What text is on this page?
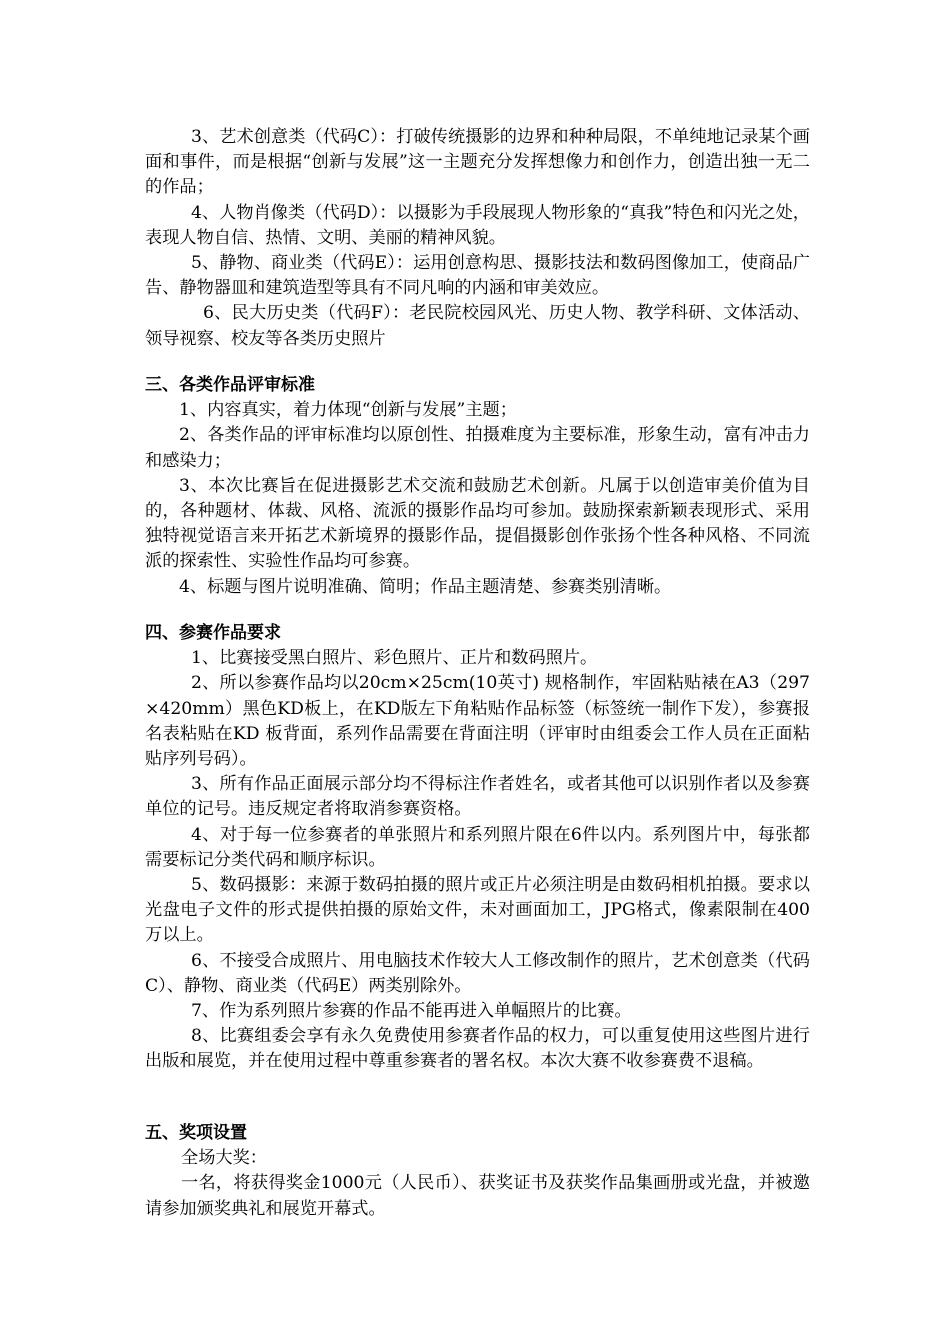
3、艺术创意类（代码C）：打破传统摄影的边界和种种局限，不单纯地记录某个画面和事件，而是根据“创新与发展”这一主题充分发挥想像力和创作力，创造出独一无二的作品；

4、人物肖像类（代码D）：以摄影为手段展现人物形象的“真我”特色和闪光之处，表现人物自信、热情、文明、美丽的精神风貌。

5、静物、商业类（代码E）：运用创意构思、摄影技法和数码图像加工，使商品广告、静物器皿和建筑造型等具有不同凡响的内涵和审美效应。

6、民大历史类（代码F）：老民院校园风光、历史人物、教学科研、文体活动、领导视察、校友等各类历史照片

三、各类作品评审标准

1、内容真实，着力体现“创新与发展”主题；

2、各类作品的评审标准均以原创性、拍摄难度为主要标准，形象生动，富有冲击力和感染力；

3、本次比赛旨在促进摄影艺术交流和鼓励艺术创新。凡属于以创造审美价值为目的，各种题材、体裁、风格、流派的摄影作品均可参加。鼓励探索新颖表现形式、采用独特视觉语言来开拓艺术新境界的摄影作品，提倡摄影创作张扬个性各种风格、不同流派的探索性、实验性作品均可参赛。

4、标题与图片说明准确、简明；作品主题清楚、参赛类别清晰。

四、参赛作品要求

1、比赛接受黑白照片、彩色照片、正片和数码照片。

2、所以参赛作品均以20cm×25cm(10英寸) 规格制作，牢固粘贴裱在A3（297×420mm）黑色KD板上，在KD版左下角粘贴作品标签（标签统一制作下发），参赛报名表粘贴在KD 板背面，系列作品需要在背面注明（评审时由组委会工作人员在正面粘贴序列号码）。

3、所有作品正面展示部分均不得标注作者姓名，或者其他可以识别作者以及参赛单位的记号。违反规定者将取消参赛资格。

4、对于每一位参赛者的单张照片和系列照片限在6件以内。系列图片中，每张都需要标记分类代码和顺序标识。

5、数码摄影：来源于数码拍摄的照片或正片必须注明是由数码相机拍摄。要求以光盘电子文件的形式提供拍摄的原始文件，未对画面加工，JPG格式，像素限制在400万以上。

6、不接受合成照片、用电脑技术作较大人工修改制作的照片，艺术创意类（代码C）、静物、商业类（代码E）两类别除外。

7、作为系列照片参赛的作品不能再进入单幅照片的比赛。

8、比赛组委会享有永久免费使用参赛者作品的权力，可以重复使用这些图片进行出版和展览，并在使用过程中尊重参赛者的署名权。本次大赛不收参赛费不退稿。

五、奖项设置

全场大奖：

一名，将获得奖金1000元（人民币）、获奖证书及获奖作品集画册或光盘，并被邀请参加颁奖典礼和展览开幕式。
